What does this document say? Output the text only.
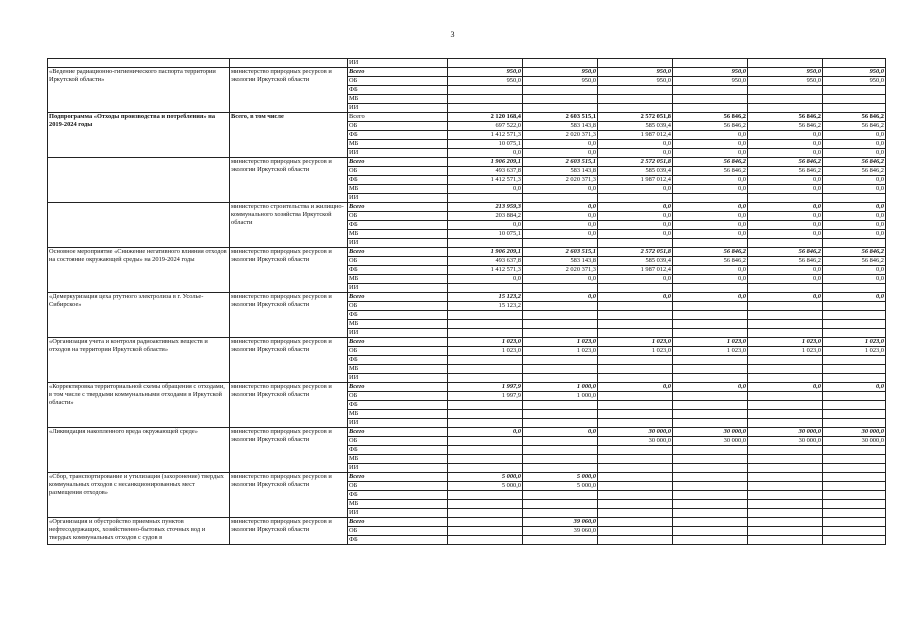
3
		ИИ						
«Ведение радиационно-гигиенического паспорта территории Иркутской области»	министерство природных ресурсов и экологии Иркутской области	Всего	950,0	950,0	950,0	950,0	950,0	950,0
		ОБ	950,0	950,0	950,0	950,0	950,0	950,0
		ФБ						
		МБ						
		ИИ						
Подпрограмма «Отходы производства и потребления» на 2019-2024 годы	Всего, в том числе	Всего	2 120 168,4	2 603 515,1	2 572 051,8	56 846,2	56 846,2	56 846,2
		ОБ	697 522,0	583 143,8	585 039,4	56 846,2	56 846,2	56 846,2
		ФБ	1 412 571,3	2 020 371,3	1 987 012,4	0,0	0,0	0,0
		МБ	10 075,1	0,0	0,0	0,0	0,0	0,0
		ИИ	0,0	0,0	0,0	0,0	0,0	0,0
	министерство природных ресурсов и экологии Иркутской области	Всего	1 906 209,1	2 603 515,1	2 572 051,8	56 846,2	56 846,2	56 846,2
		ОБ	493 637,8	583 143,8	585 039,4	56 846,2	56 846,2	56 846,2
		ФБ	1 412 571,3	2 020 371,3	1 987 012,4	0,0	0,0	0,0
		МБ	0,0	0,0	0,0	0,0	0,0	0,0
		ИИ						
	министерство строительства и жилищно-коммунального хозяйства Иркутской области	Всего	213 959,3	0,0	0,0	0,0	0,0	0,0
		ОБ	203 884,2	0,0	0,0	0,0	0,0	0,0
		ФБ	0,0	0,0	0,0	0,0	0,0	0,0
		МБ	10 075,1	0,0	0,0	0,0	0,0	0,0
		ИИ						
Основное мероприятие «Снижение негативного влияния отходов на состояние окружающей среды» на 2019-2024 годы	министерство природных ресурсов и экологии Иркутской области	Всего	1 906 209,1	2 603 515,1	2 572 051,8	56 846,2	56 846,2	56 846,2
		ОБ	493 637,8	583 143,8	585 039,4	56 846,2	56 846,2	56 846,2
		ФБ	1 412 571,3	2 020 371,3	1 987 012,4	0,0	0,0	0,0
		МБ	0,0	0,0	0,0	0,0	0,0	0,0
		ИИ						
«Демеркуризация цеха ртутного электролиза в г. Усолье-Сибирское»	министерство природных ресурсов и экологии Иркутской области	Всего	15 123,2	0,0	0,0	0,0	0,0	0,0
		ОБ	15 123,2					
		ФБ						
		МБ						
		ИИ						
«Организация учета и контроля радиоактивных веществ и отходов на территории Иркутской области»	министерство природных ресурсов и экологии Иркутской области	Всего	1 023,0	1 023,0	1 023,0	1 023,0	1 023,0	1 023,0
		ОБ	1 023,0	1 023,0	1 023,0	1 023,0	1 023,0	1 023,0
		ФБ						
		МБ						
		ИИ						
«Корректировка территориальной схемы обращения с отходами, в том числе с твердыми коммунальными отходами в Иркутской области»	министерство природных ресурсов и экологии Иркутской области	Всего	1 997,9	1 000,0	0,0	0,0	0,0	0,0
		ОБ	1 997,9	1 000,0				
		ФБ						
		МБ						
		ИИ						
«Ликвидация накопленного вреда окружающей среде»	министерство природных ресурсов и экологии Иркутской области	Всего	0,0	0,0	30 000,0	30 000,0	30 000,0	30 000,0
		ОБ			30 000,0	30 000,0	30 000,0	30 000,0
		ФБ						
		МБ						
		ИИ						
«Сбор, транспортирование и утилизация (захоронение) твердых коммунальных отходов с несанкционированных мест размещения отходов»	министерство природных ресурсов и экологии Иркутской области	Всего	5 000,0	5 000,0				
		ОБ	5 000,0	5 000,0				
		ФБ						
		МБ						
		ИИ						
«Организация и обустройство приемных пунктов нефтесодержащих, хозяйственно-бытовых сточных вод и твердых коммунальных отходов с судов в	министерство природных ресурсов и экологии Иркутской области	Всего		39 060,0				
		ОБ		39 060,0				
		ФБ						
